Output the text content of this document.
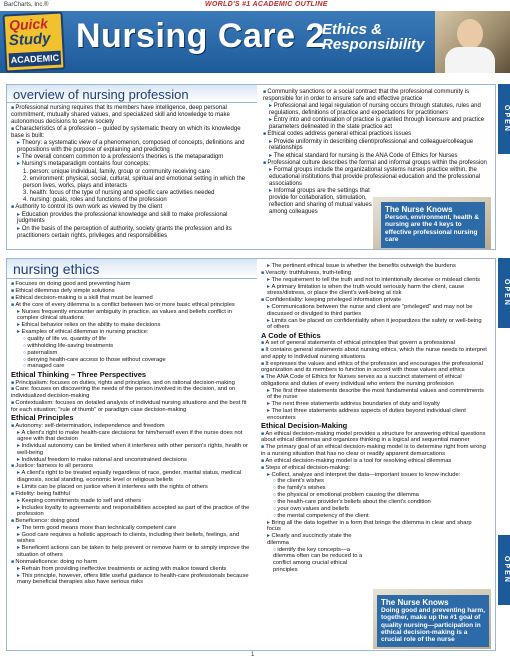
BarCharts, Inc.®	WORLD'S #1 ACADEMIC OUTLINE
Quick
Study
ACADEMIC
Nursing Care 2
Ethics &
Responsibility
OPEN
OPEN
OPEN
overview of nursing profession

■ Professional nursing requires that its members have intelligence, deep personal commitment, mutually shared values, and specialized skill and knowledge to make autonomous decisions to serve society

■ Characteristics of a profession – guided by systematic theory on which its knowledge base is built:

▸ Theory: a systematic view of a phenomenon, composed of concepts, definitions and propositions with the purpose of explaining and predicting

▸ The overall concern common to a profession's theories is the metaparadigm

▸ Nursing's metaparadigm contains four concepts:

1. person: unique individual, family, group or community receiving care

2. environment: physical, social, cultural, spiritual and emotional setting in which the person lives, works, plays and interacts

3. health: focus of the type of nursing and specific care activities needed

4. nursing: goals, roles and functions of the profession

■ Authority to control its own work as viewed by the client

▸ Education provides the professional knowledge and skill to make professional judgments

▸ On the basis of the perception of authority, society grants the profession and its practitioners certain rights, privileges and responsibilities

■ Community sanctions or a social contract that the professional community is responsible for in order to ensure safe and effective practice

▸ Professional and legal regulation of nursing occurs through statutes, rules and regulations, definitions of practice and expectations for practitioners

▸ Entry into and continuation of practice is granted through licensure and practice parameters delineated in the state practice act

■ Ethical codes address general ethical practices issues

▸ Provide uniformity in describing client/professional and colleague/colleague relationships

▸ The ethical standard for nursing is the ANA Code of Ethics for Nurses

■ Professional culture describes the formal and informal groups within the profession

▸ Formal groups include the organizational systems nurses practice within, the educational institutions that provide professional education and the professional associations

▸ Informal groups are the settings that provide for collaboration, stimulation, reflection and sharing of mutual values among colleagues	The Nurse Knows
Person, environment, health & nursing are the 4 keys to effective professional nursing care
nursing ethics

■ Focuses on doing good and preventing harm

■ Ethical dilemmas defy simple solutions

■ Ethical decision-making is a skill that must be learned

■ At the core of every dilemma is a conflict between two or more basic ethical principles

▸ Nurses frequently encounter ambiguity in practice, as values and beliefs conflict in complex clinical situations

▸ Ethical behavior relies on the ability to make decisions

▸ Examples of ethical dilemmas in nursing practice:

○ quality of life vs. quantity of life

○ withholding life-saving treatments

○ paternalism

○ denying health-care access to those without coverage

○ managed care

Ethical Thinking – Three Perspectives

■ Principalism: focuses on duties, rights and principles, and on rational decision-making

■ Care: focuses on discovering the needs of the person involved in the decision, and on individualized decision-making

■ Contextualism: focuses on detailed analysis of individual nursing situations and the best fit for each situation; "rule of thumb" or paradigm case decision-making

Ethical Principles

■ Autonomy: self-determination, independence and freedom

▸ A client's right to make health-care decisions for him/herself even if the nurse does not agree with that decision

▸ Individual autonomy can be limited when it interferes with other person's rights, health or well-being

▸ Individual freedom to make rational and unconstrained decisions

■ Justice: fairness to all persons

▸ A client's right to be treated equally regardless of race, gender, marital status, medical diagnosis, social standing, economic level or religious beliefs

▸ Limits can be placed on justice when it interferes with the rights of others

■ Fidelity: being faithful

▸ Keeping commitments made to self and others

▸ Includes loyalty to agreements and responsibilities accepted as part of the practice of the profession

■ Beneficence: doing good

▸ The term good means more than technically competent care

▸ Good care requires a holistic approach to clients, including their beliefs, feelings, and wishes

▸ Beneficent actions can be taken to help prevent or remove harm or to simply improve the situation of others

■ Nonmaleficence: doing no harm

▸ Refrain from providing ineffective treatments or acting with malice toward clients

▸ This principle, however, offers little useful guidance to health-care professionals because many beneficial therapies also have serious risks

▸ The pertinent ethical issue is whether the benefits outweigh the burdens

■ Veracity: truthfulness, truth-telling

▸ The requirement to tell the truth and not to intentionally deceive or mislead clients

▸ A primary limitation is when the truth would seriously harm the client, cause stress/distress, or place the client's well-being at risk

■ Confidentiality: keeping privileged information private

▸ Communications between the nurse and client are "privileged" and may not be discussed or divulged to third parties

▸ Limits can be placed on confidentiality when it jeopardizes the safety or well-being of others

A Code of Ethics

■ A set of general statements of ethical principles that govern a professional

■ It contains general statements about nursing ethics, which the nurse needs to interpret and apply to individual nursing situations

■ It expresses the values and ethics of the profession and encourages the professional organization and its members to function in accord with those values and ethics

■ The ANA Code of Ethics for Nurses serves as a succinct statement of ethical obligations and duties of every individual who enters the nursing profession

▸ The first three statements describe the most fundamental values and commitments of the nurse

▸ The next three statements address boundaries of duty and loyalty

▸ The last three statements address aspects of duties beyond individual client encounters

Ethical Decision-Making

■ An ethical decision-making model provides a structure for answering ethical questions about ethical dilemmas and organizes thinking in a logical and sequential manner

■ The primary goal of an ethical decision-making model is to determine right from wrong in a nursing situation that has no clear or readily apparent demarcations

■ An ethical decision-making model is a tool for resolving ethical dilemmas

■ Steps of ethical decision-making:

▸ Collect, analyze and interpret the data—important issues to know include:

○ the client's wishes

○ the family's wishes

○ the physical or emotional problem causing the dilemma

○ the health-care provider's beliefs about the client's condition

○ your own values and beliefs

○ the mental competency of the client

▸ Bring all the data together in a form that brings the dilemma in clear and sharp focus

▸ Clearly and succinctly state the dilemma

○ identify the key concepts—a dilemma often can be reduced to a conflict among crucial ethical principles

The Nurse Knows
Doing good and preventing harm, together, make up the #1 goal of quality nursing—participation in ethical decision-making is a crucial role of the nurse
1
